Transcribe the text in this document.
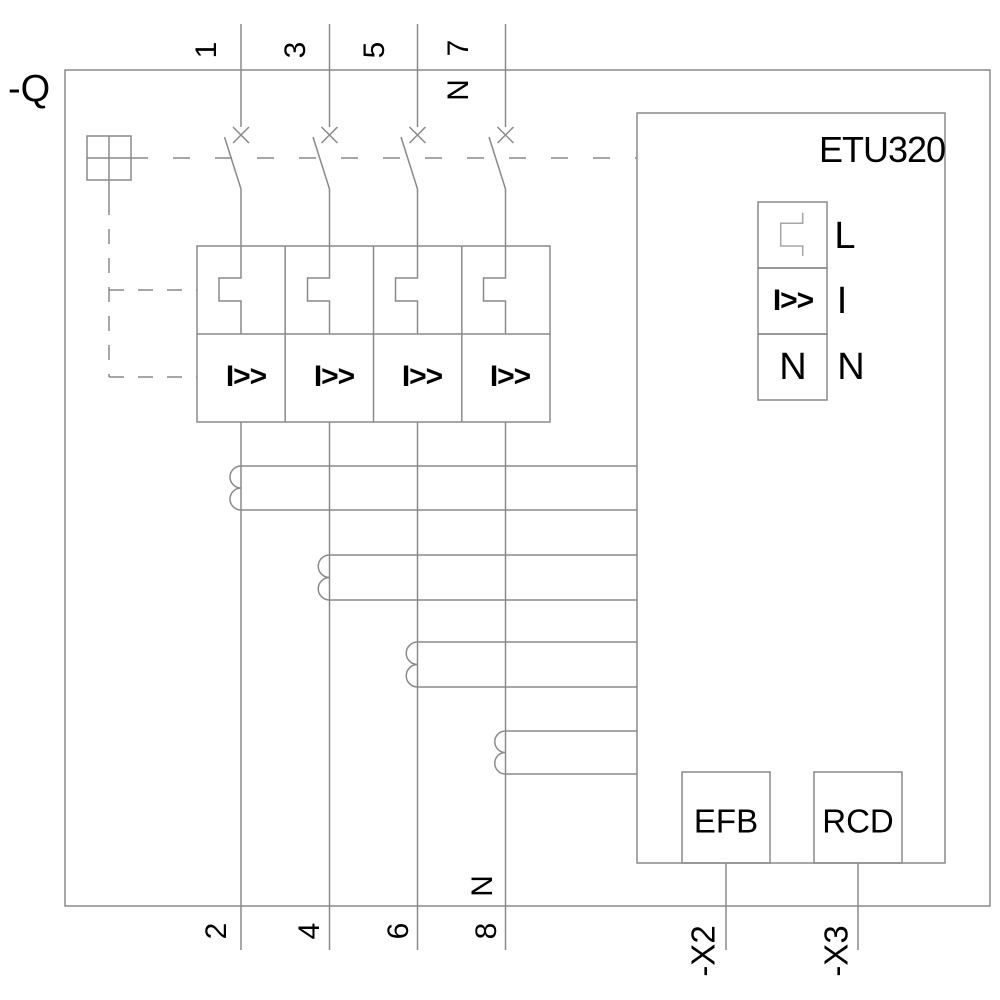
-Q
1 3 5 7
N
2 4 6 8
N
ETU320
I>> I>> I>> I>>
L
I>> I
N N
EFB RCD
-X2	-X3
